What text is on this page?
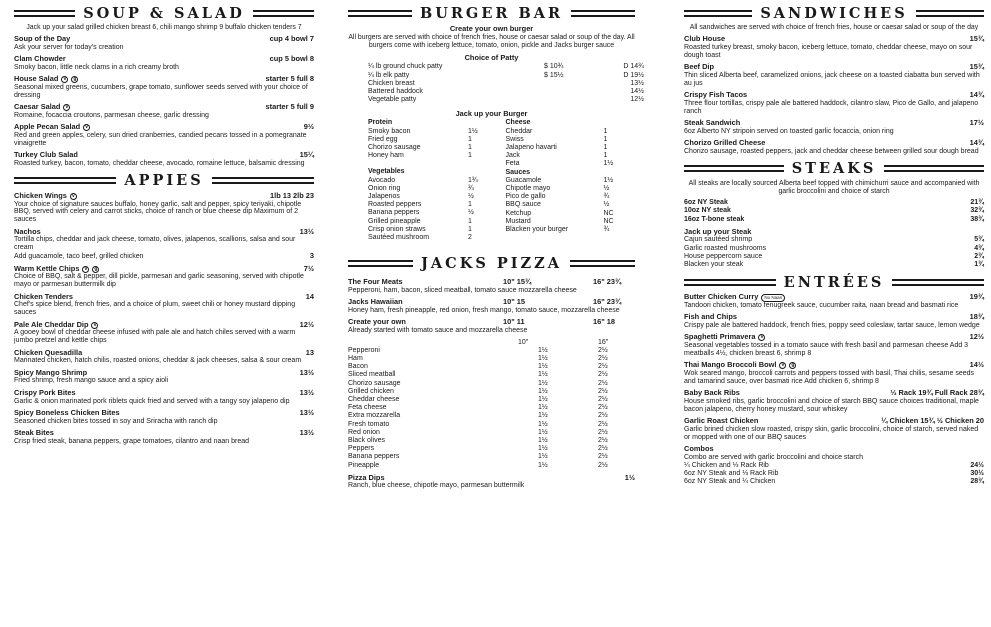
SOUP & SALAD
Jack up your salad grilled chicken breast 6, chili mango shrimp 9 buffalo chicken tenders 7
Soup of the Day	cup 4 bowl 7
Ask your server for today's creation
Clam Chowder	cup 5 bowl 8
Smoky bacon, little neck clams in a rich creamy broth
House Salad	v	g	starter 5 full 8
Seasonal mixed greens, cucumbers, grape tomato, sunflower seeds served with your choice of dressing
Caesar Salad	v	starter 5 full 9
Romaine, focaccia croutons, parmesan cheese, garlic dressing
Apple Pecan Salad	v	9½
Red and green apples, celery, sun dried cranberries, candied pecans tossed in a pomegranate vinaigrette
Turkey Club Salad	15¼
Roasted turkey, bacon, tomato, cheddar cheese, avocado, romaine lettuce, balsamic dressing
APPIES
Chicken Wings	v	1lb 13 2lb 23
Your choice of signature sauces buffalo, honey garlic, salt and pepper, spicy teriyaki, chipotle BBQ, served with celery and carrot sticks, choice of ranch or blue cheese dip Maximum of 2 sauces
Nachos	13½
Tortilla chips, cheddar and jack cheese, tomato, olives, jalapenos, scallions, salsa and sour cream
Add guacamole, taco beef, grilled chicken	3
Warm Kettle Chips	v	g	7½
Choice of BBQ, salt & pepper, dill pickle, parmesan and garlic seasoning, served with chipotle mayo or parmesan buttermilk dip
Chicken Tenders	14
Chef's spice blend, french fries, and a choice of plum, sweet chili or honey mustard dipping sauces
Pale Ale Cheddar Dip	v	12½
A gooey bowl of cheddar cheese infused with pale ale and hatch chiles served with a warm jumbo pretzel and kettle chips
Chicken Quesadilla	13
Marinated chicken, hatch chilis, roasted onions, cheddar & jack cheeses, salsa & sour cream
Spicy Mango Shrimp	13½
Fried shrimp, fresh mango sauce and a spicy aioli
Crispy Pork Bites	13½
Garlic & onion marinated pork riblets quick fried and served with a tangy soy jalapeno dip
Spicy Boneless Chicken Bites	13½
Seasoned chicken bites tossed in soy and Sriracha with ranch dip
Steak Bites	13½
Crisp fried steak, banana peppers, grape tomatoes, cilantro and naan bread
BURGER BAR
Create your own burger
All burgers are served with choice of french fries, house or caesar salad or soup of the day. All burgers come with iceberg lettuce, tomato, onion, pickle and Jacks burger sauce
Choice of Patty
¼ lb ground chuck patty	$ 10¾	D 14¾
¼ lb elk patty	$ 15½	D 19½
Chicken breast	13½
Battered haddock	14½
Vegetable patty	12½
Jack up your Burger
Protein
Smoky bacon	1½
Fried egg	1
Chorizo sausage	1
Honey ham	1
Vegetables
Avocado	1¾
Onion ring	¾
Jalapenos	½
Roasted peppers	1
Banana peppers	½
Grilled pineapple	1
Crisp onion straws	1
Sautéed mushroom	2
Cheese
Cheddar	1
Swiss	1
Jalapeno havarti	1
Jack	1
Feta	1½
Sauces
Guacamole	1½
Chipotle mayo	½
Pico de gallo	¾
BBQ sauce	½
Ketchup	NC
Mustard	NC
Blacken your burger	¾
JACKS PIZZA
The Four Meats	10" 15¾	16" 23¾
Pepperoni, ham, bacon, sliced meatball, tomato sauce mozzarella cheese
Jacks Hawaiian	10" 15	16" 23¾
Honey ham, fresh pineapple, red onion, fresh mango, tomato sauce, mozzarella cheese
Create your own	10" 11	16" 18
Already started with tomato sauce and mozzarella cheese
10"	16"
Pepperoni	1½	2½
Ham	1½	2½
Bacon	1½	2½
Sliced meatball	1½	2½
Chorizo sausage	1½	2½
Grilled chicken	1½	2½
Cheddar cheese	1½	2½
Feta cheese	1½	2½
Extra mozzarella	1½	2½
Fresh tomato	1½	2½
Red onion	1½	2½
Black olives	1½	2½
Peppers	1½	2½
Banana peppers	1½	2½
Pineapple	1½	2½
Pizza Dips	1½
Ranch, blue cheese, chipotle mayo, parmesan buttermilk
SANDWICHES
All sandwiches are served with choice of french fries, house or caesar salad or soup of the day
Club House	15¾
Roasted turkey breast, smoky bacon, iceberg lettuce, tomato, cheddar cheese, mayo on sour dough toast
Beef Dip	15¾
Thin sliced Alberta beef, caramelized onions, jack cheese on a toasted ciabatta bun served with au jus
Crispy Fish Tacos	14¾
Three flour tortillas, crispy pale ale battered haddock, cilantro slaw, Pico de Gallo, and jalapeno ranch
Steak Sandwich	17½
6oz Alberto NY stripoin served on toasted garlic focaccia, onion ring
Chorizo Grilled Cheese	14¾
Chorizo sausage, roasted peppers, jack and cheddar cheese between grilled sour dough bread
STEAKS
All steaks are locally sourced Alberta beef topped with chimichurri sauce and accompanied with garlic broccolini and choice of starch
6oz NY Steak	21¾
10oz NY steak	32¾
16oz T-bone steak	38¾
Jack up your Steak
Cajun sautéed shrimp	5¾
Garlic roasted mushrooms	4¾
House peppercorn sauce	2¾
Blacken your steak	1¾
ENTRÉES
Butter Chicken Curry	No Naan	19¾
Tandoori chicken, tomato fenugreek sauce, cucumber raita, naan bread and basmati rice
Fish and Chips	18¾
Crispy pale ale battered haddock, french fries, poppy seed coleslaw, tartar sauce, lemon wedge
Spaghetti Primavera	v	12½
Seasonal vegetables tossed in a tomato sauce with fresh basil and parmesan cheese Add 3 meatballs 4½, chicken breast 6, shrimp 8
Thai Mango Broccoli Bowl	v	g	14½
Wok seared mango, broccoli carrots and peppers tossed with basil, Thai chilis, sesame seeds and tamarind sauce, over basmati rice Add chicken 6, shrimp 8
Baby Back Ribs	⅓ Rack 19¾ Full Rack 28¾
House smoked ribs, garlic broccolini and choice of starch BBQ sauce choices traditional, maple bacon jalapeno, cherry honey mustard, sour whiskey
Garlic Roast Chicken	¼ Chicken 15¾ ½ Chicken 20
Garlic brined chicken slow roasted, crispy skin, garlic broccolini, choice of starch, served naked or mopped with one of our BBQ sauces
Combos
Combo are served with garlic broccolini and choice starch
¼ Chicken and ⅓ Rack Rib	24½
6oz NY Steak and ⅓ Rack Rib	30½
6oz NY Steak and ¼ Chicken	28¾
